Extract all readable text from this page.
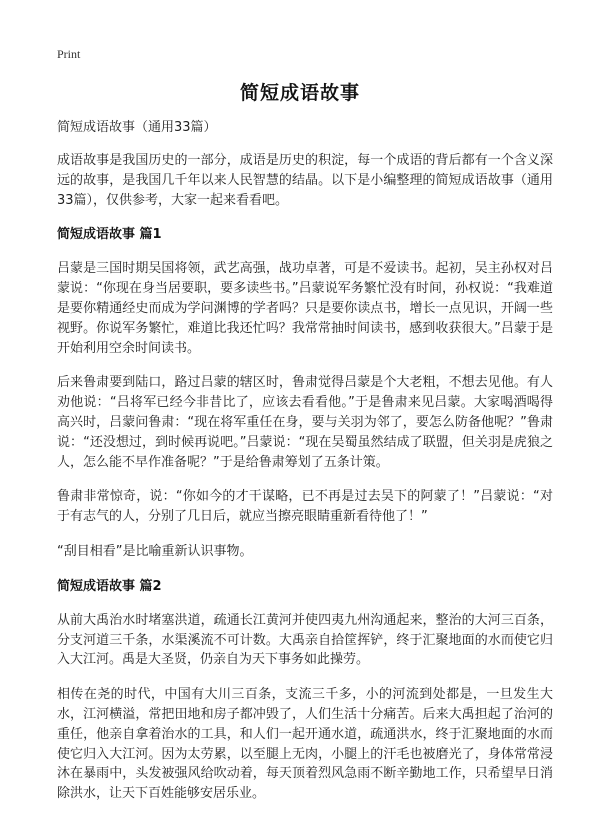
Print
简短成语故事
简短成语故事（通用33篇）

成语故事是我国历史的一部分，成语是历史的积淀，每一个成语的背后都有一个含义深远的故事，是我国几千年以来人民智慧的结晶。以下是小编整理的简短成语故事（通用33篇），仅供参考，大家一起来看看吧。

简短成语故事 篇1

吕蒙是三国时期吴国将领，武艺高强，战功卓著，可是不爱读书。起初，吴主孙权对吕蒙说：“你现在身当居要职，要多读些书。”吕蒙说军务繁忙没有时间，孙权说：“我难道是要你精通经史而成为学问渊博的学者吗？只是要你读点书，增长一点见识，开阔一些视野。你说军务繁忙，难道比我还忙吗？我常常抽时间读书，感到收获很大。”吕蒙于是开始利用空余时间读书。

后来鲁肃要到陆口，路过吕蒙的辖区时，鲁肃觉得吕蒙是个大老粗，不想去见他。有人劝他说：“吕将军已经今非昔比了，应该去看看他。”于是鲁肃来见吕蒙。大家喝酒喝得高兴时，吕蒙问鲁肃：“现在将军重任在身，要与关羽为邻了，要怎么防备他呢？”鲁肃说：“还没想过，到时候再说吧。”吕蒙说：“现在吴蜀虽然结成了联盟，但关羽是虎狼之人，怎么能不早作准备呢？”于是给鲁肃筹划了五条计策。

鲁肃非常惊奇，说：“你如今的才干谋略，已不再是过去吴下的阿蒙了！”吕蒙说：“对于有志气的人，分别了几日后，就应当擦亮眼睛重新看待他了！”

“刮目相看”是比喻重新认识事物。

简短成语故事 篇2

从前大禹治水时堵塞洪道，疏通长江黄河并使四夷九州沟通起来，整治的大河三百条，分支河道三千条，水渠溪流不可计数。大禹亲自拾筐挥铲，终于汇聚地面的水而使它归入大江河。禹是大圣贤，仍亲自为天下事务如此操劳。

相传在尧的时代，中国有大川三百条，支流三千多，小的河流到处都是，一旦发生大水，江河横溢，常把田地和房子都冲毁了，人们生活十分痛苦。后来大禹担起了治河的重任，他亲自拿着治水的工具，和人们一起开通水道，疏通洪水，终于汇聚地面的水而使它归入大江河。因为太劳累，以至腿上无肉，小腿上的汗毛也被磨光了，身体常常浸沐在暴雨中，头发被强风给吹动着，每天顶着烈风急雨不断辛勤地工作，只希望早日消除洪水，让天下百姓能够安居乐业。
